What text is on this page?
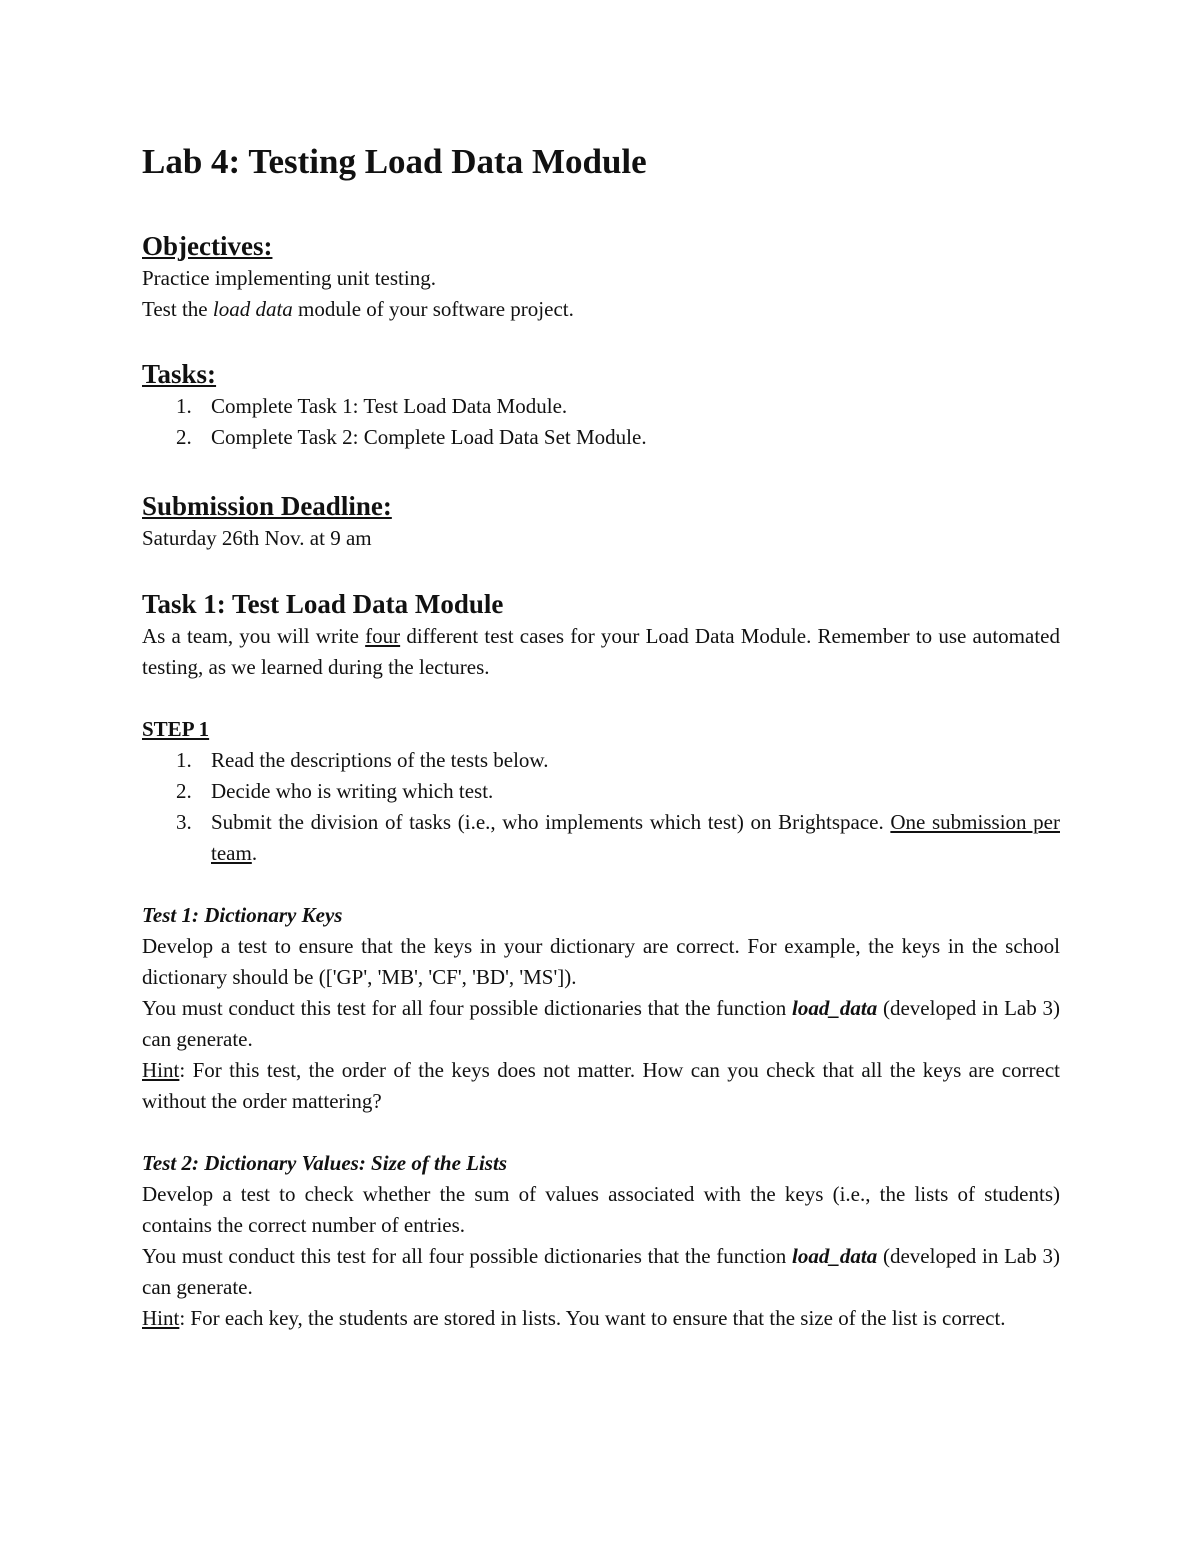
Lab 4: Testing Load Data Module
Objectives:

Practice implementing unit testing.

Test the load data module of your software project.

Tasks:
1. Complete Task 1: Test Load Data Module.
2. Complete Task 2: Complete Load Data Set Module.
Submission Deadline:

Saturday 26th Nov. at 9 am

Task 1: Test Load Data Module

As a team, you will write four different test cases for your Load Data Module. Remember to use automated testing, as we learned during the lectures.

STEP 1
1. Read the descriptions of the tests below.
2. Decide who is writing which test.
3. Submit the division of tasks (i.e., who implements which test) on Brightspace. One submission per team.

Test 1: Dictionary Keys

Develop a test to ensure that the keys in your dictionary are correct. For example, the keys in the school dictionary should be (['GP', 'MB', 'CF', 'BD', 'MS']).

You must conduct this test for all four possible dictionaries that the function load_data (developed in Lab 3) can generate.

Hint: For this test, the order of the keys does not matter. How can you check that all the keys are correct without the order mattering?

Test 2: Dictionary Values: Size of the Lists

Develop a test to check whether the sum of values associated with the keys (i.e., the lists of students) contains the correct number of entries.

You must conduct this test for all four possible dictionaries that the function load_data (developed in Lab 3) can generate.

Hint: For each key, the students are stored in lists. You want to ensure that the size of the list is correct.
